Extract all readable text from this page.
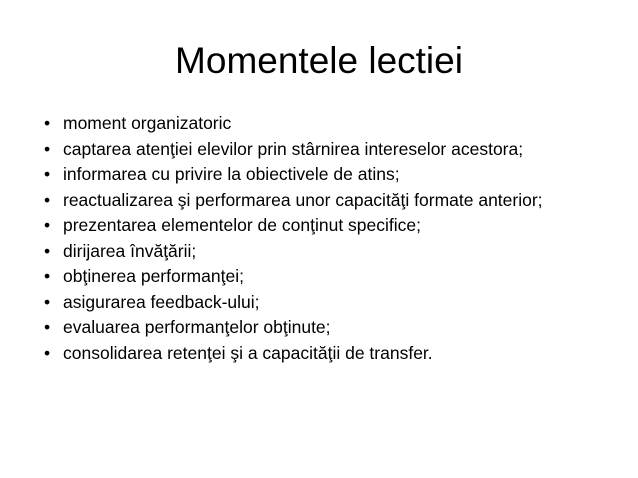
Momentele lectiei
• moment organizatoric
• captarea atenţiei elevilor prin stârnirea intereselor acestora;
• informarea cu privire la obiectivele de atins;
• reactualizarea şi performarea unor capacităţi formate anterior;
• prezentarea elementelor de conţinut specifice;
• dirijarea învăţării;
• obţinerea performanţei;
• asigurarea feedback-ului;
• evaluarea performanţelor obţinute;
• consolidarea retenţei şi a capacităţii de transfer.
